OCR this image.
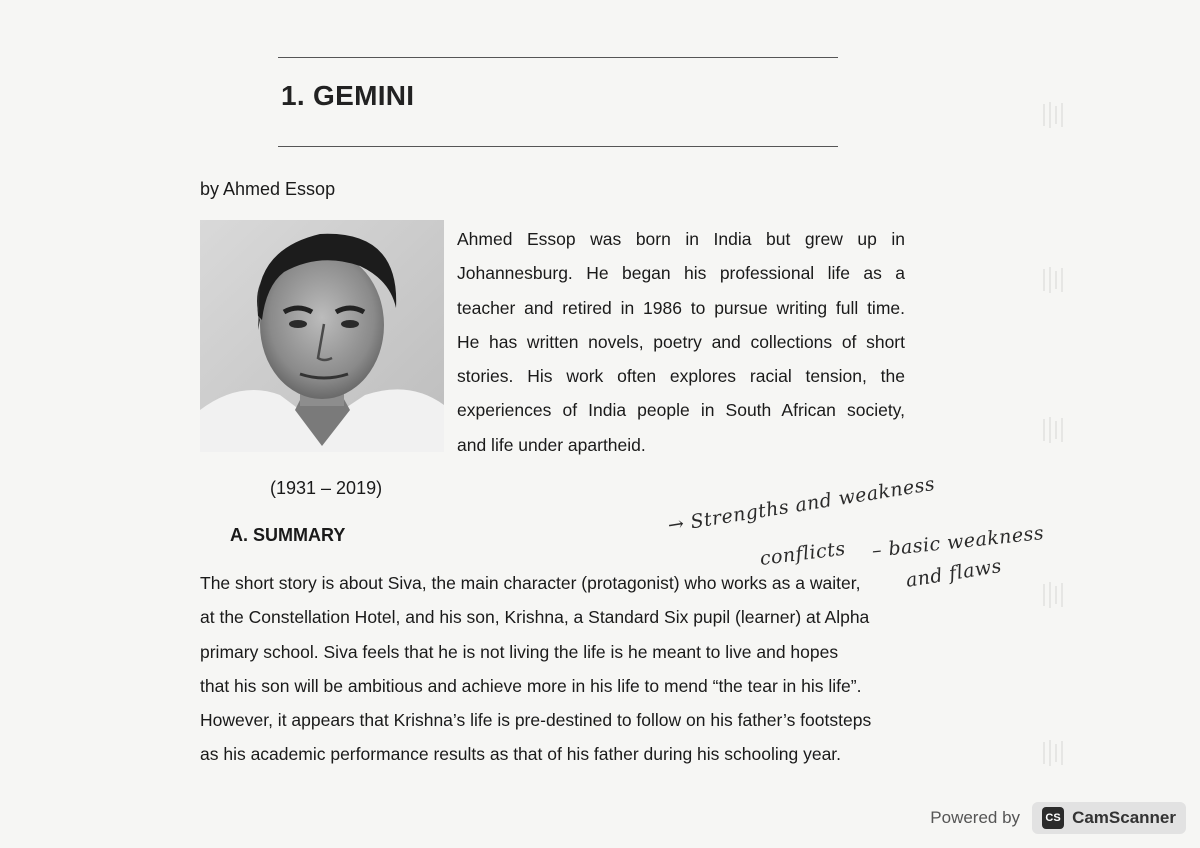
1. GEMINI
by Ahmed Essop
Ahmed Essop was born in India but grew up in
Johannesburg. He began his professional life as a
teacher and retired in 1986 to pursue writing full time.
He has written novels, poetry and collections of short
stories. His work often explores racial tension, the
experiences of India people in South African society,
and life under apartheid.
(1931 – 2019)
A. SUMMARY
The short story is about Siva, the main character (protagonist) who works as a waiter,
at the Constellation Hotel, and his son, Krishna, a Standard Six pupil (learner) at Alpha
primary school. Siva feels that he is not living the life is he meant to live and hopes
that his son will be ambitious and achieve more in his life to mend “the tear in his life”.
However, it appears that Krishna’s life is pre-destined to follow on his father’s footsteps
as his academic performance results as that of his father during his schooling year.
→ Strengths and weakness
conflicts – basic weakness
and flaws
Powered by	CS CamScanner
